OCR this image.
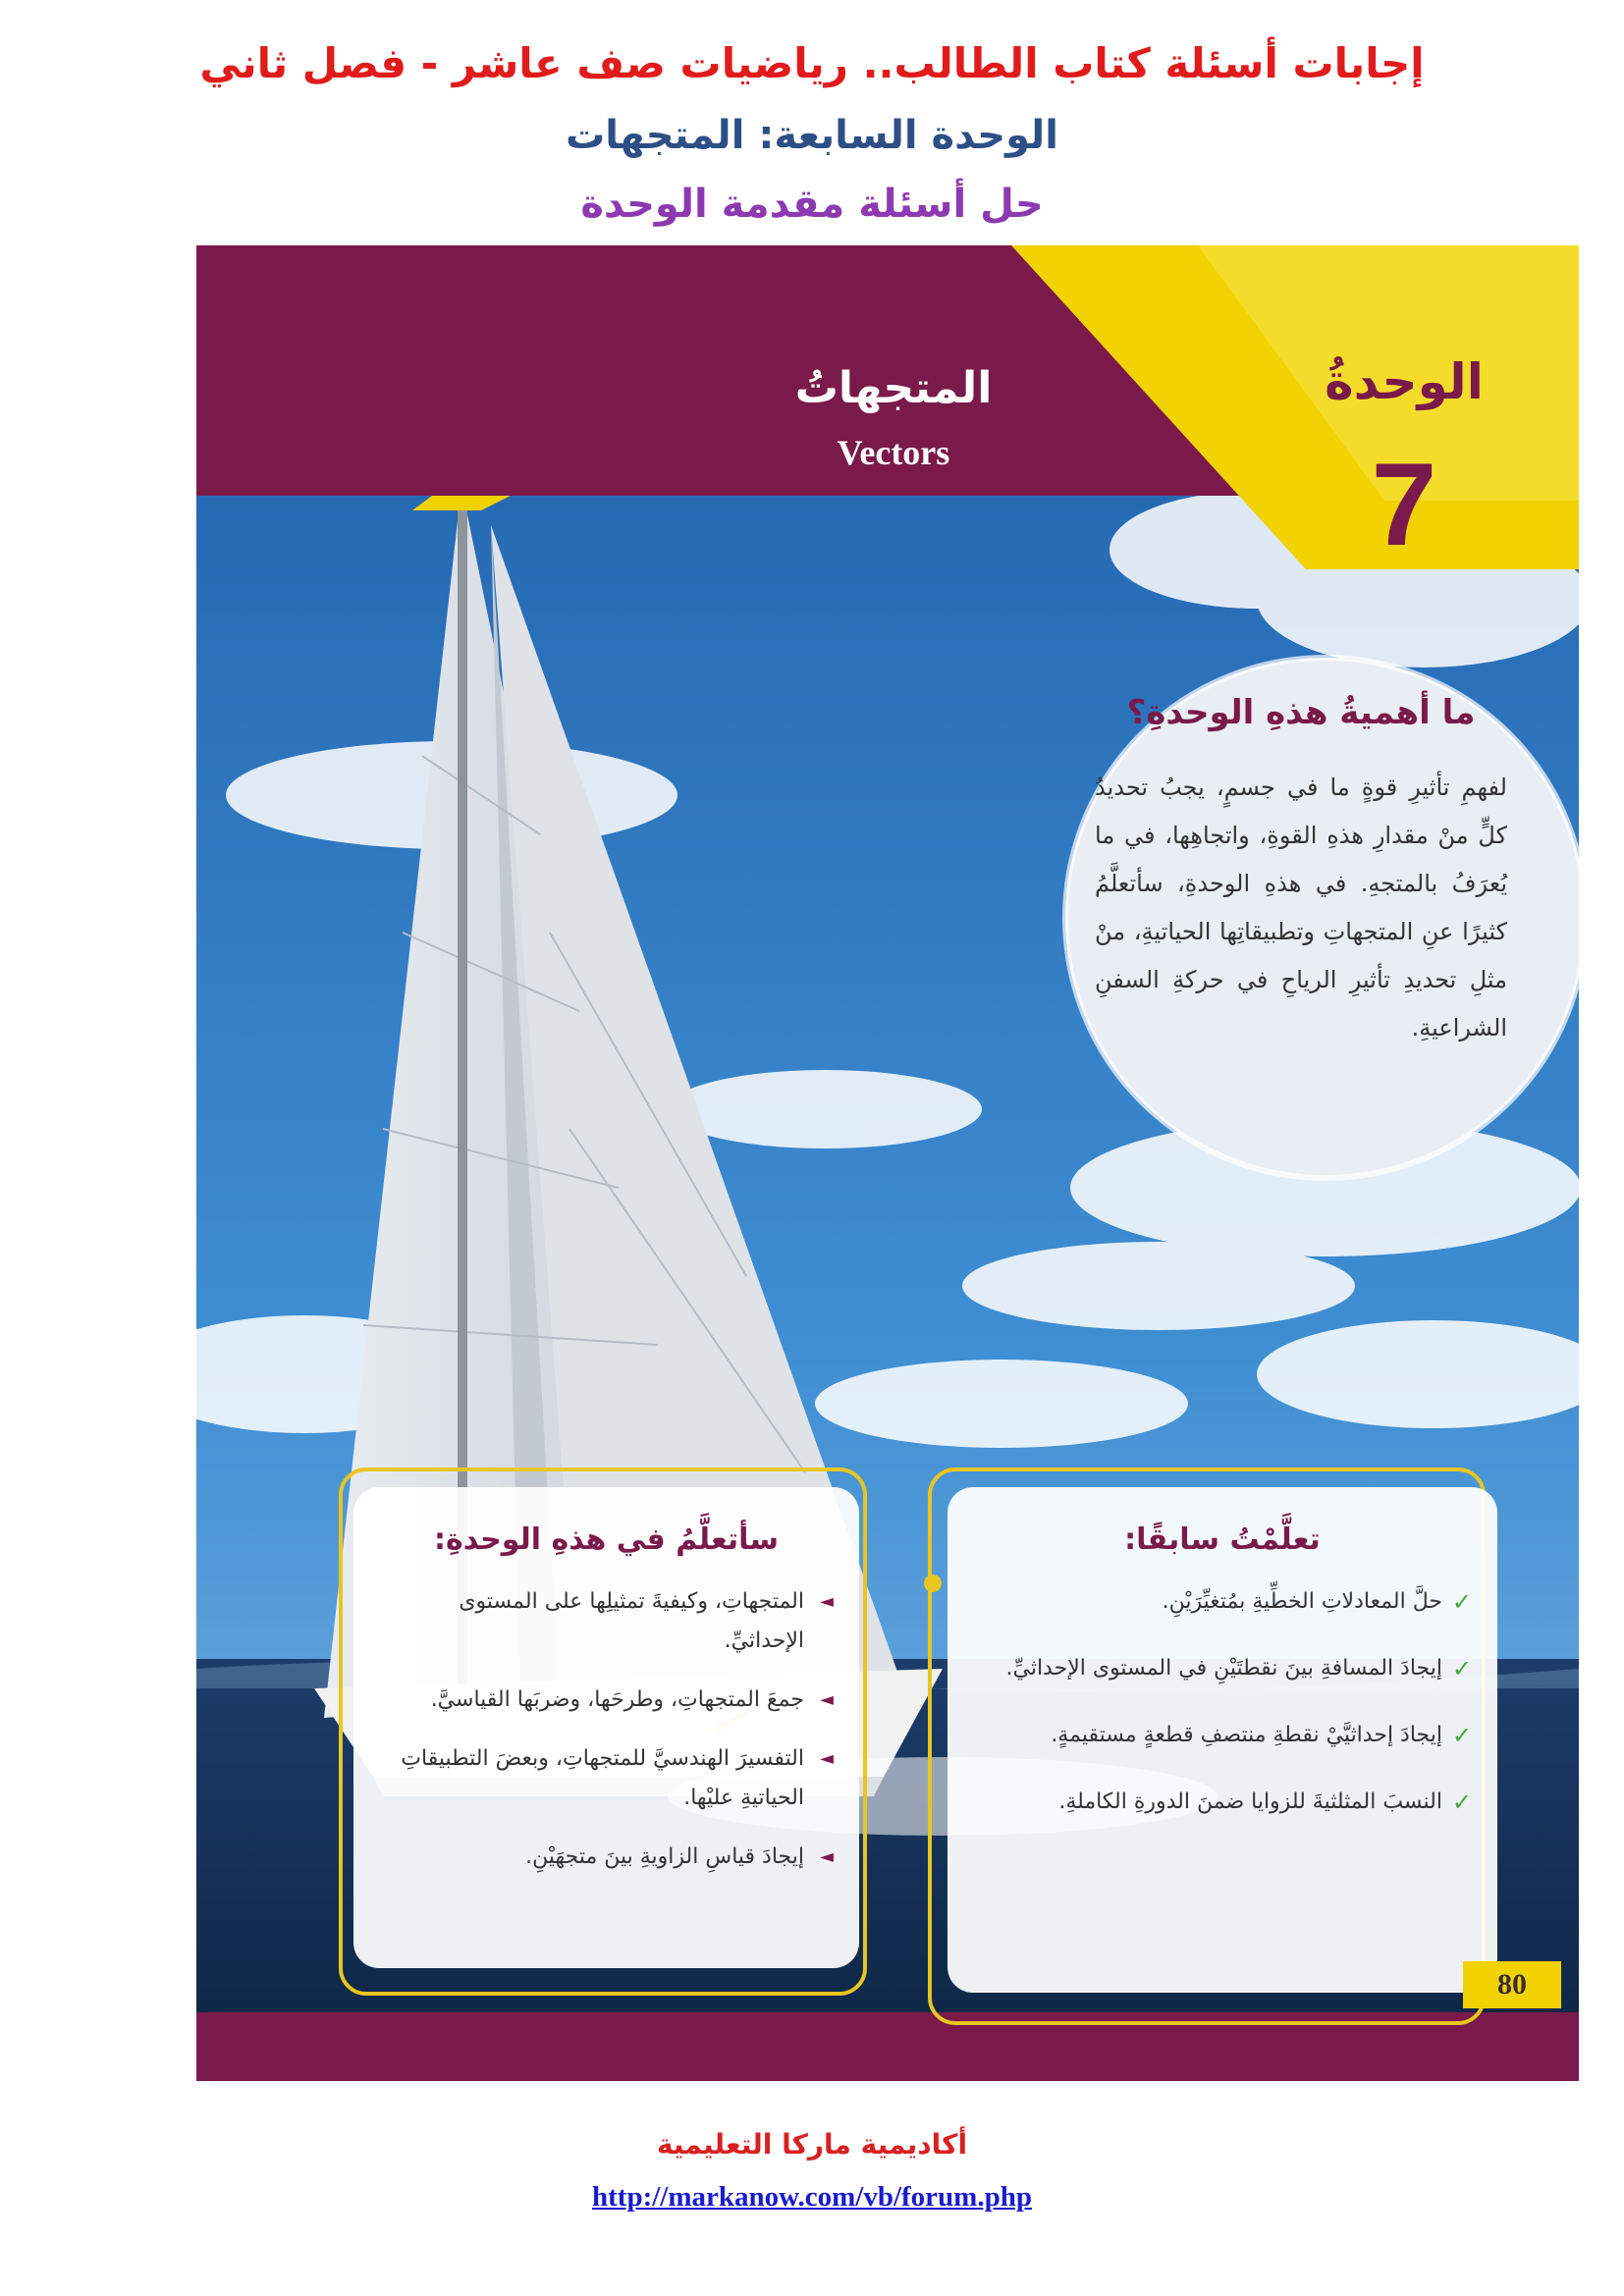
إجابات أسئلة كتاب الطالب.. رياضيات صف عاشر - فصل ثاني
الوحدة السابعة: المتجهات
حل أسئلة مقدمة الوحدة
المتجهاتُ
Vectors
الوحدةُ
7
ما أهميةُ هذهِ الوحدةِ؟
لفهمِ تأثيرِ قوةٍ ما في جسمٍ، يجبُ تحديدُ كلٍّ منْ مقدارِ هذهِ القوةِ، واتجاهِها، في ما يُعرَفُ بالمتجهِ. في هذهِ الوحدةِ، سأتعلَّمُ كثيرًا عنِ المتجهاتِ وتطبيقاتِها الحياتيةِ، منْ مثلِ تحديدِ تأثيرِ الرياحِ في حركةِ السفنِ الشراعيةِ.
تعلَّمْتُ سابقًا:
✓
حلَّ المعادلاتِ الخطِّيةِ بمُتغيِّرَيْنِ.
✓
إيجادَ المسافةِ بينَ نقطتَيْنِ في المستوى الإحداثيِّ.
✓
إيجادَ إحداثيَّيْ نقطةِ منتصفِ قطعةٍ مستقيمةٍ.
✓
النسبَ المثلثيةَ للزوايا ضمنَ الدورةِ الكاملةِ.
سأتعلَّمُ في هذهِ الوحدةِ:
◄
المتجهاتِ، وكيفيةَ تمثيلِها على المستوى الإحداثيِّ.
◄
جمعَ المتجهاتِ، وطرحَها، وضربَها القياسيَّ.
◄
التفسيرَ الهندسيَّ للمتجهاتِ، وبعضَ التطبيقاتِ الحياتيةِ عليْها.
◄
إيجادَ قياسِ الزاويةِ بينَ متجهَيْنِ.
80
أكاديمية ماركا التعليمية
http://markanow.com/vb/forum.php
